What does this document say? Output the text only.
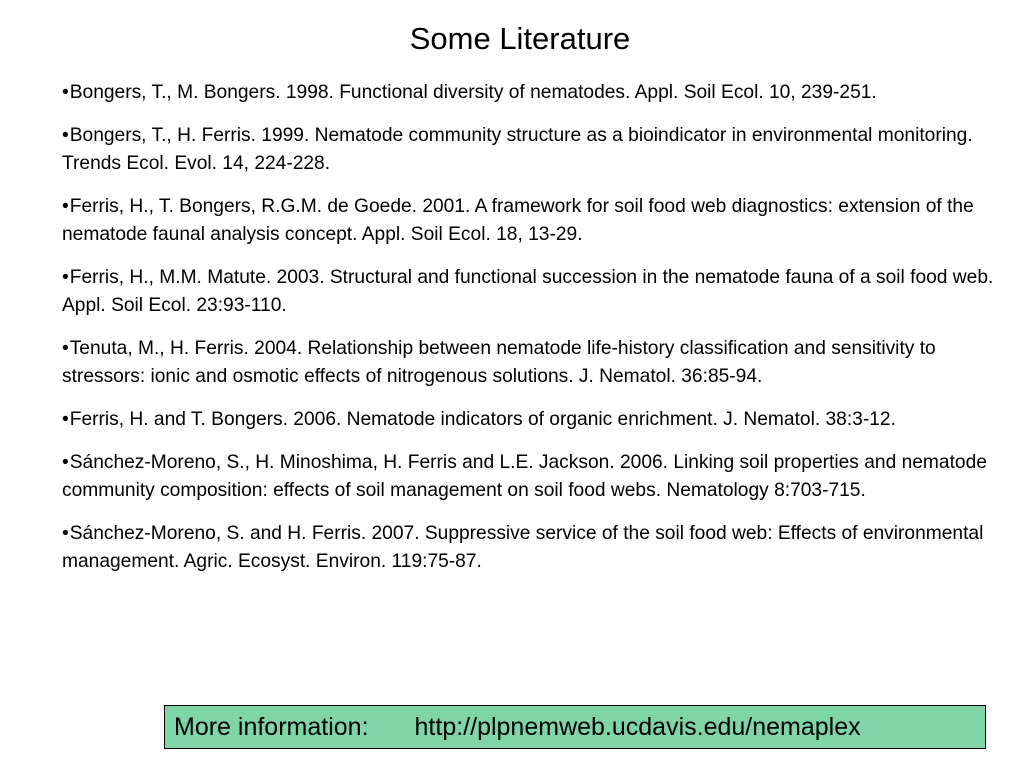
Some Literature
•Bongers, T., M. Bongers. 1998. Functional diversity of nematodes. Appl. Soil Ecol. 10, 239-251.
•Bongers, T., H. Ferris. 1999. Nematode community structure as a bioindicator in environmental monitoring. Trends Ecol. Evol. 14, 224-228.
•Ferris, H., T. Bongers, R.G.M. de Goede. 2001. A framework for soil food web diagnostics: extension of the nematode faunal analysis concept. Appl. Soil Ecol. 18, 13-29.
•Ferris, H., M.M. Matute. 2003. Structural and functional succession in the nematode fauna of a soil food web. Appl. Soil Ecol. 23:93-110.
•Tenuta, M., H. Ferris. 2004. Relationship between nematode life-history classification and sensitivity to stressors: ionic and osmotic effects of nitrogenous solutions. J. Nematol. 36:85-94.
•Ferris, H. and T. Bongers. 2006. Nematode indicators of organic enrichment. J. Nematol. 38:3-12.
•Sánchez-Moreno, S., H. Minoshima, H. Ferris and L.E. Jackson. 2006. Linking soil properties and nematode community composition: effects of soil management on soil food webs. Nematology 8:703-715.
•Sánchez-Moreno, S. and H. Ferris. 2007. Suppressive service of the soil food web: Effects of environmental management. Agric. Ecosyst. Environ. 119:75-87.
More information: http://plpnemweb.ucdavis.edu/nemaplex
